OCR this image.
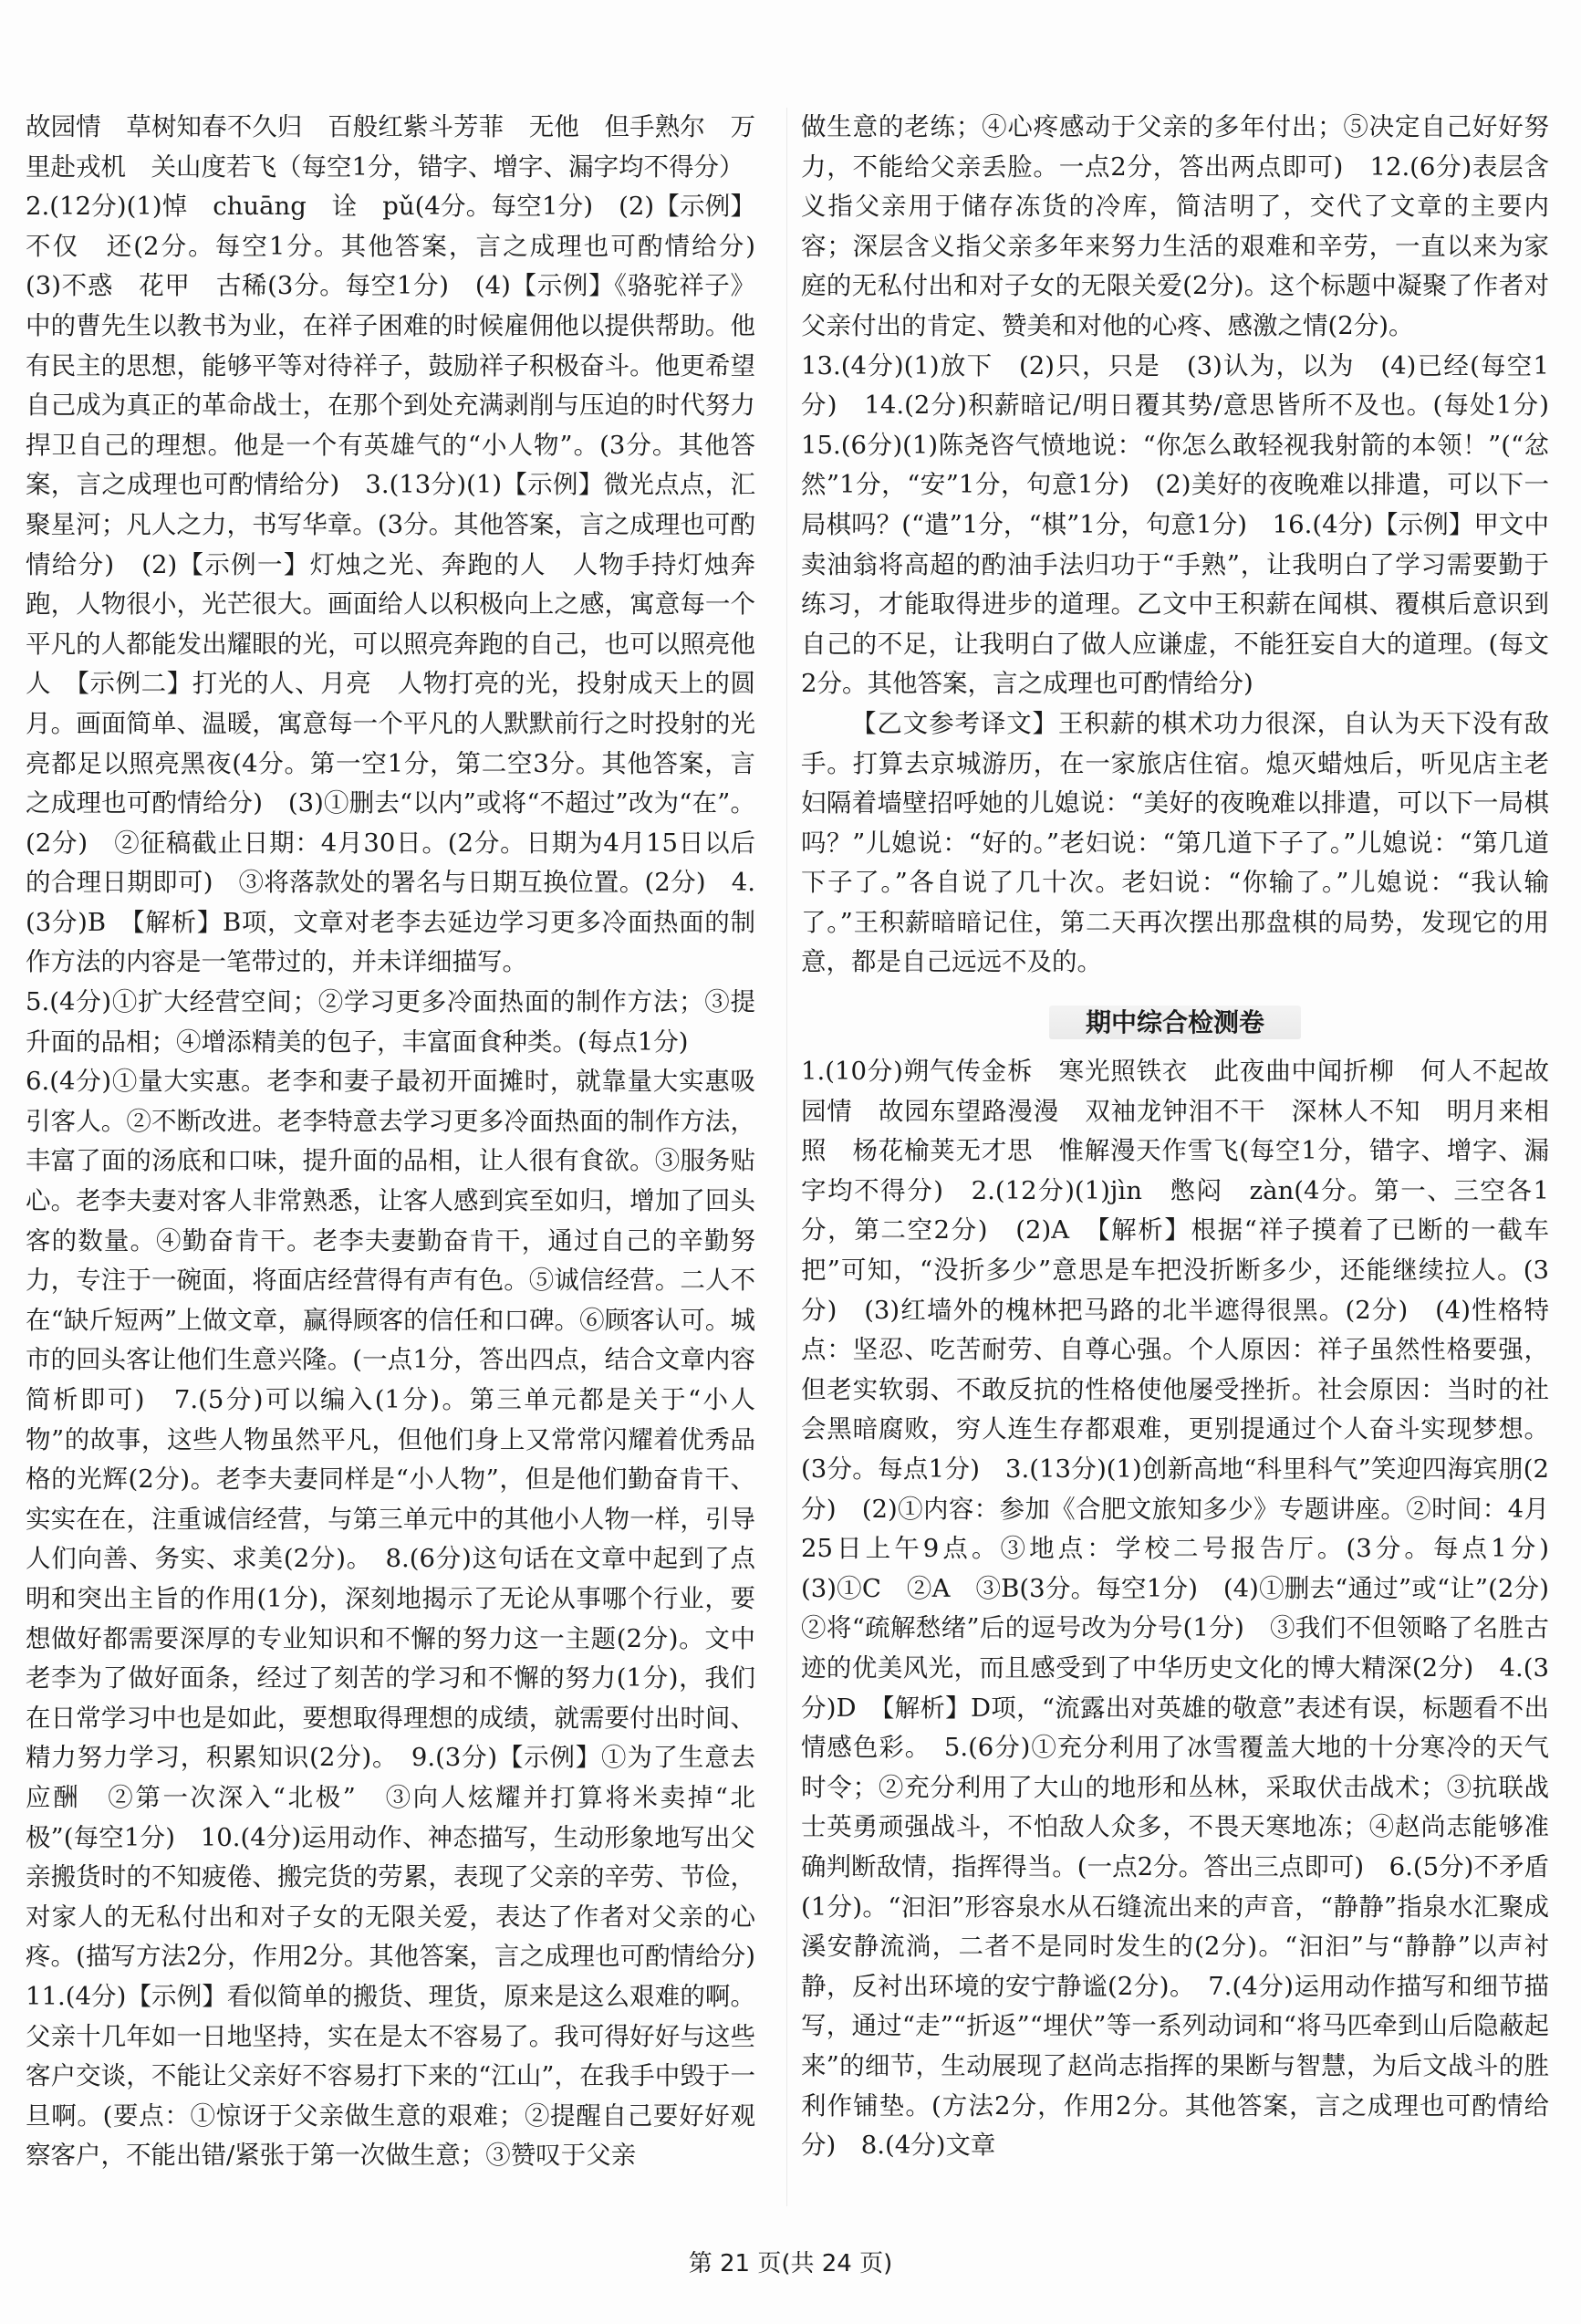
故园情　草树知春不久归　百般红紫斗芳菲　无他　但手熟尔　万里赴戎机　关山度若飞（每空1分，错字、增字、漏字均不得分）

2.(12分)(1)悼　chuāng　诠　pǔ(4分。每空1分)　(2)【示例】不仅　还(2分。每空1分。其他答案，言之成理也可酌情给分)　(3)不惑　花甲　古稀(3分。每空1分)　(4)【示例】《骆驼祥子》中的曹先生以教书为业，在祥子困难的时候雇佣他以提供帮助。他有民主的思想，能够平等对待祥子，鼓励祥子积极奋斗。他更希望自己成为真正的革命战士，在那个到处充满剥削与压迫的时代努力捍卫自己的理想。他是一个有英雄气的“小人物”。(3分。其他答案，言之成理也可酌情给分)　3.(13分)(1)【示例】微光点点，汇聚星河；凡人之力，书写华章。(3分。其他答案，言之成理也可酌情给分)　(2)【示例一】灯烛之光、奔跑的人　人物手持灯烛奔跑，人物很小，光芒很大。画面给人以积极向上之感，寓意每一个平凡的人都能发出耀眼的光，可以照亮奔跑的自己，也可以照亮他人　【示例二】打光的人、月亮　人物打亮的光，投射成天上的圆月。画面简单、温暖，寓意每一个平凡的人默默前行之时投射的光亮都足以照亮黑夜(4分。第一空1分，第二空3分。其他答案，言之成理也可酌情给分)　(3)①删去“以内”或将“不超过”改为“在”。(2分)　②征稿截止日期：4月30日。(2分。日期为4月15日以后的合理日期即可)　③将落款处的署名与日期互换位置。(2分)　4.(3分)B　【解析】B项，文章对老李去延边学习更多冷面热面的制作方法的内容是一笔带过的，并未详细描写。

5.(4分)①扩大经营空间；②学习更多冷面热面的制作方法；③提升面的品相；④增添精美的包子，丰富面食种类。(每点1分)

6.(4分)①量大实惠。老李和妻子最初开面摊时，就靠量大实惠吸引客人。②不断改进。老李特意去学习更多冷面热面的制作方法，丰富了面的汤底和口味，提升面的品相，让人很有食欲。③服务贴心。老李夫妻对客人非常熟悉，让客人感到宾至如归，增加了回头客的数量。④勤奋肯干。老李夫妻勤奋肯干，通过自己的辛勤努力，专注于一碗面，将面店经营得有声有色。⑤诚信经营。二人不在“缺斤短两”上做文章，赢得顾客的信任和口碑。⑥顾客认可。城市的回头客让他们生意兴隆。(一点1分，答出四点，结合文章内容简析即可)　7.(5分)可以编入(1分)。第三单元都是关于“小人物”的故事，这些人物虽然平凡，但他们身上又常常闪耀着优秀品格的光辉(2分)。老李夫妻同样是“小人物”，但是他们勤奋肯干、实实在在，注重诚信经营，与第三单元中的其他小人物一样，引导人们向善、务实、求美(2分)。　8.(6分)这句话在文章中起到了点明和突出主旨的作用(1分)，深刻地揭示了无论从事哪个行业，要想做好都需要深厚的专业知识和不懈的努力这一主题(2分)。文中老李为了做好面条，经过了刻苦的学习和不懈的努力(1分)，我们在日常学习中也是如此，要想取得理想的成绩，就需要付出时间、精力努力学习，积累知识(2分)。　9.(3分)【示例】①为了生意去应酬　②第一次深入“北极”　③向人炫耀并打算将米卖掉“北极”(每空1分)　10.(4分)运用动作、神态描写，生动形象地写出父亲搬货时的不知疲倦、搬完货的劳累，表现了父亲的辛劳、节俭，对家人的无私付出和对子女的无限关爱，表达了作者对父亲的心疼。(描写方法2分，作用2分。其他答案，言之成理也可酌情给分)　11.(4分)【示例】看似简单的搬货、理货，原来是这么艰难的啊。父亲十几年如一日地坚持，实在是太不容易了。我可得好好与这些客户交谈，不能让父亲好不容易打下来的“江山”，在我手中毁于一旦啊。(要点：①惊讶于父亲做生意的艰难；②提醒自己要好好观察客户，不能出错/紧张于第一次做生意；③赞叹于父亲

做生意的老练；④心疼感动于父亲的多年付出；⑤决定自己好好努力，不能给父亲丢脸。一点2分，答出两点即可)　12.(6分)表层含义指父亲用于储存冻货的冷库，简洁明了，交代了文章的主要内容；深层含义指父亲多年来努力生活的艰难和辛劳，一直以来为家庭的无私付出和对子女的无限关爱(2分)。这个标题中凝聚了作者对父亲付出的肯定、赞美和对他的心疼、感激之情(2分)。

13.(4分)(1)放下　(2)只，只是　(3)认为，以为　(4)已经(每空1分)　14.(2分)积薪暗记/明日覆其势/意思皆所不及也。(每处1分)　15.(6分)(1)陈尧咨气愤地说：“你怎么敢轻视我射箭的本领！”(“忿然”1分，“安”1分，句意1分)　(2)美好的夜晚难以排遣，可以下一局棋吗？(“遣”1分，“棋”1分，句意1分)　16.(4分)【示例】甲文中卖油翁将高超的酌油手法归功于“手熟”，让我明白了学习需要勤于练习，才能取得进步的道理。乙文中王积薪在闻棋、覆棋后意识到自己的不足，让我明白了做人应谦虚，不能狂妄自大的道理。(每文2分。其他答案，言之成理也可酌情给分)

【乙文参考译文】王积薪的棋术功力很深，自认为天下没有敌手。打算去京城游历，在一家旅店住宿。熄灭蜡烛后，听见店主老妇隔着墙壁招呼她的儿媳说：“美好的夜晚难以排遣，可以下一局棋吗？”儿媳说：“好的。”老妇说：“第几道下子了。”儿媳说：“第几道下子了。”各自说了几十次。老妇说：“你输了。”儿媳说：“我认输了。”王积薪暗暗记住，第二天再次摆出那盘棋的局势，发现它的用意，都是自己远远不及的。

期中综合检测卷

1.(10分)朔气传金柝　寒光照铁衣　此夜曲中闻折柳　何人不起故园情　故园东望路漫漫　双袖龙钟泪不干　深林人不知　明月来相照　杨花榆荚无才思　惟解漫天作雪飞(每空1分，错字、增字、漏字均不得分)　2.(12分)(1)jìn　憋闷　zàn(4分。第一、三空各1分，第二空2分)　(2)A　【解析】根据“祥子摸着了已断的一截车把”可知，“没折多少”意思是车把没折断多少，还能继续拉人。(3分)　(3)红墙外的槐林把马路的北半遮得很黑。(2分)　(4)性格特点：坚忍、吃苦耐劳、自尊心强。个人原因：祥子虽然性格要强，但老实软弱、不敢反抗的性格使他屡受挫折。社会原因：当时的社会黑暗腐败，穷人连生存都艰难，更别提通过个人奋斗实现梦想。(3分。每点1分)　3.(13分)(1)创新高地“科里科气”笑迎四海宾朋(2分)　(2)①内容：参加《合肥文旅知多少》专题讲座。②时间：4月25日上午9点。③地点：学校二号报告厅。(3分。每点1分)　(3)①C　②A　③B(3分。每空1分)　(4)①删去“通过”或“让”(2分)　②将“疏解愁绪”后的逗号改为分号(1分)　③我们不但领略了名胜古迹的优美风光，而且感受到了中华历史文化的博大精深(2分)　4.(3分)D　【解析】D项，“流露出对英雄的敬意”表述有误，标题看不出情感色彩。　5.(6分)①充分利用了冰雪覆盖大地的十分寒冷的天气时令；②充分利用了大山的地形和丛林，采取伏击战术；③抗联战士英勇顽强战斗，不怕敌人众多，不畏天寒地冻；④赵尚志能够准确判断敌情，指挥得当。(一点2分。答出三点即可)　6.(5分)不矛盾(1分)。“汩汩”形容泉水从石缝流出来的声音，“静静”指泉水汇聚成溪安静流淌，二者不是同时发生的(2分)。“汩汩”与“静静”以声衬静，反衬出环境的安宁静谧(2分)。　7.(4分)运用动作描写和细节描写，通过“走”“折返”“埋伏”等一系列动词和“将马匹牵到山后隐蔽起来”的细节，生动展现了赵尚志指挥的果断与智慧，为后文战斗的胜利作铺垫。(方法2分，作用2分。其他答案，言之成理也可酌情给分)　8.(4分)文章

第 21 页(共 24 页)
